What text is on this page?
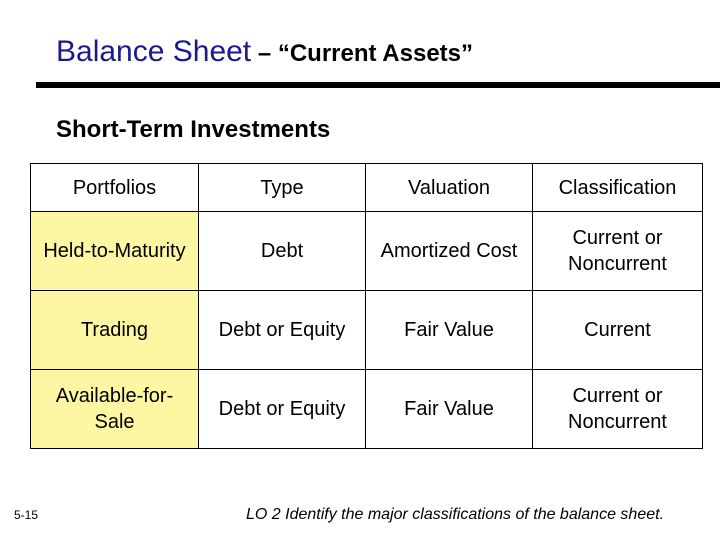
Balance Sheet – “Current Assets”
Short-Term Investments
Portfolios	Type	Valuation	Classification
Held-to-Maturity	Debt	Amortized Cost	Current or Noncurrent
Trading	Debt or Equity	Fair Value	Current
Available-for-Sale	Debt or Equity	Fair Value	Current or Noncurrent
5-15	LO 2 Identify the major classifications of the balance sheet.
